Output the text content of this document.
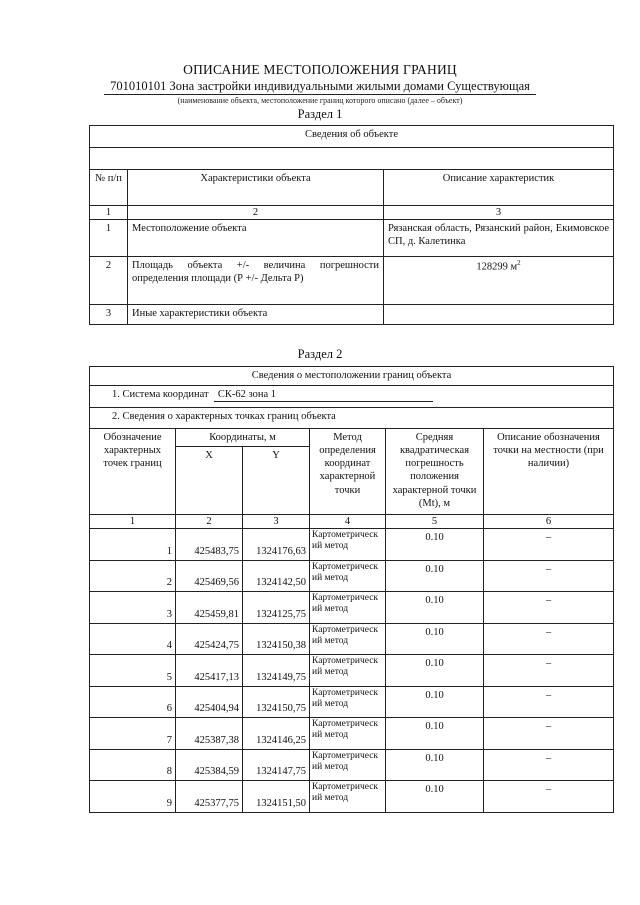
ОПИСАНИЕ МЕСТОПОЛОЖЕНИЯ ГРАНИЦ
701010101 Зона застройки индивидуальными жилыми домами Существующая
(наименование объекта, местоположение границ которого описано (далее – объект)
Раздел 1
Сведения об объекте		

№ п/п	Характеристики объекта	Описание характеристик
1	2	3
1	Местоположение объекта	Рязанская область, Рязанский район, Екимовское СП, д. Калетинка
2	Площадь объекта +/- величина погрешности определения площади (Р +/- Дельта Р)	128299 $м^2$
3	Иные характеристики объекта	
Раздел 2
Сведения о местоположении границ объекта					
1. Система координат СК-62 зона 1					
2. Сведения о характерных точках границ объекта					
Обозначение характерных точек границ	Координаты, м		Метод определения координат характерной точки	Средняя квадратическая погрешность положения характерной точки (Mt), м	Описание обозначения точки на местности (при наличии)
	X	Y			
1	2	3	4	5	6

1	425483,75	1324176,63	Картометрическ ий метод	0.10	–

2	425469,56	1324142,50	Картометрическ ий метод	0.10	–

3	425459,81	1324125,75	Картометрическ ий метод	0.10	–

4	425424,75	1324150,38	Картометрическ ий метод	0.10	–

5	425417,13	1324149,75	Картометрическ ий метод	0.10	–

6	425404,94	1324150,75	Картометрическ ий метод	0.10	–

7	425387,38	1324146,25	Картометрическ ий метод	0.10	–

8	425384,59	1324147,75	Картометрическ ий метод	0.10	–

9	425377,75	1324151,50	Картометрическ ий метод	0.10	–
